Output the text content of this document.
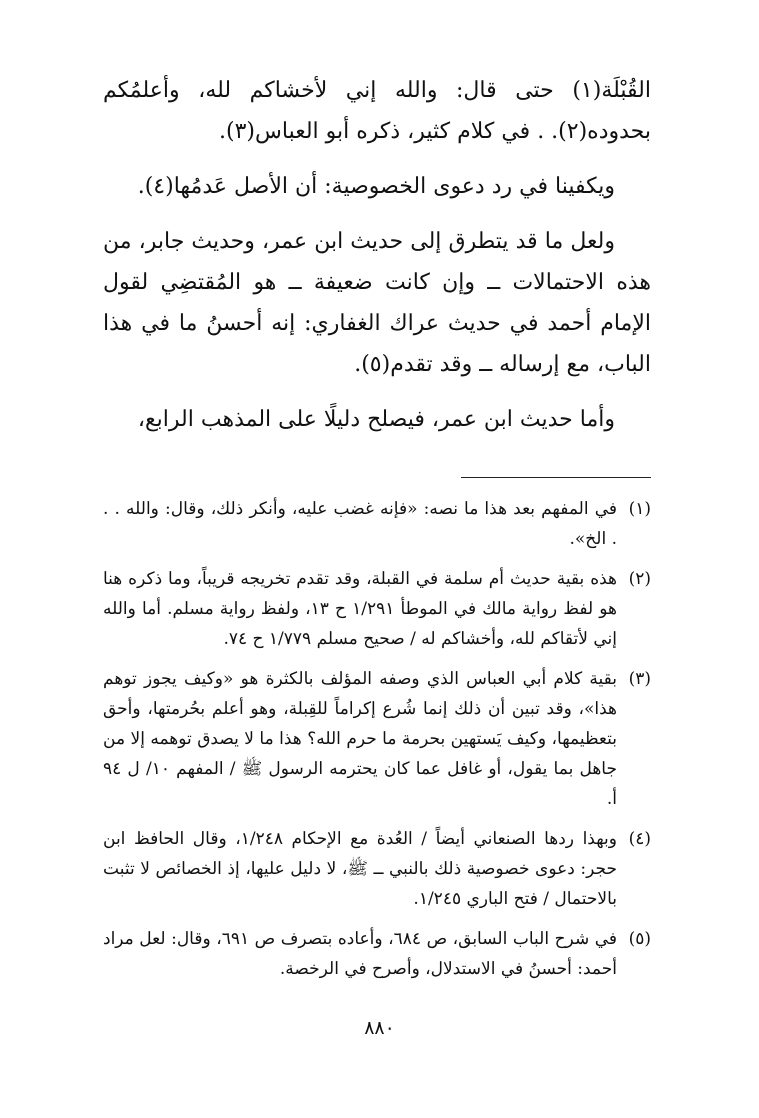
القُبْلَة(١) حتى قال: والله إني لأخشاكم لله، وأعلمُكم بحدوده(٢). . في كلام كثير، ذكره أبو العباس(٣).

ويكفينا في رد دعوى الخصوصية: أن الأصل عَدمُها(٤).

ولعل ما قد يتطرق إلى حديث ابن عمر، وحديث جابر، من هذه الاحتمالات ــ وإن كانت ضعيفة ــ هو المُقتضِي لقول الإمام أحمد في حديث عراك الغفاري: إنه أحسنُ ما في هذا الباب، مع إرساله ــ وقد تقدم(٥).

وأما حديث ابن عمر، فيصلح دليلًا على المذهب الرابع،

(١)
في المفهم بعد هذا ما نصه: «فإنه غضب عليه، وأنكر ذلك، وقال: والله . . . الخ».
(٢)
هذه بقية حديث أم سلمة في القبلة، وقد تقدم تخريجه قريباً، وما ذكره هنا هو لفظ رواية مالك في الموطأ ١/٢٩١ ح ١٣، ولفظ رواية مسلم. أما والله إني لأتقاكم لله، وأخشاكم له / صحيح مسلم ١/٧٧٩ ح ٧٤.
(٣)
بقية كلام أبي العباس الذي وصفه المؤلف بالكثرة هو «وكيف يجوز توهم هذا»، وقد تبين أن ذلك إنما شُرع إكراماً للقِبلة، وهو أعلم بحُرمتها، وأحق بتعظيمها، وكيف يَستهين بحرمة ما حرم الله؟ هذا ما لا يصدق توهمه إلا من جاهل بما يقول، أو غافل عما كان يحترمه الرسول ﷺ / المفهم ١٠/ ل ٩٤ أ.
(٤)
وبهذا ردها الصنعاني أيضاً / العُدة مع الإحكام ١/٢٤٨، وقال الحافظ ابن حجر: دعوى خصوصية ذلك بالنبي ــ ﷺ، لا دليل عليها، إذ الخصائص لا تثبت بالاحتمال / فتح الباري ١/٢٤٥.
(٥)
في شرح الباب السابق، ص ٦٨٤، وأعاده بتصرف ص ٦٩١، وقال: لعل مراد أحمد: أحسنُ في الاستدلال، وأصرح في الرخصة.
٨٨٠
